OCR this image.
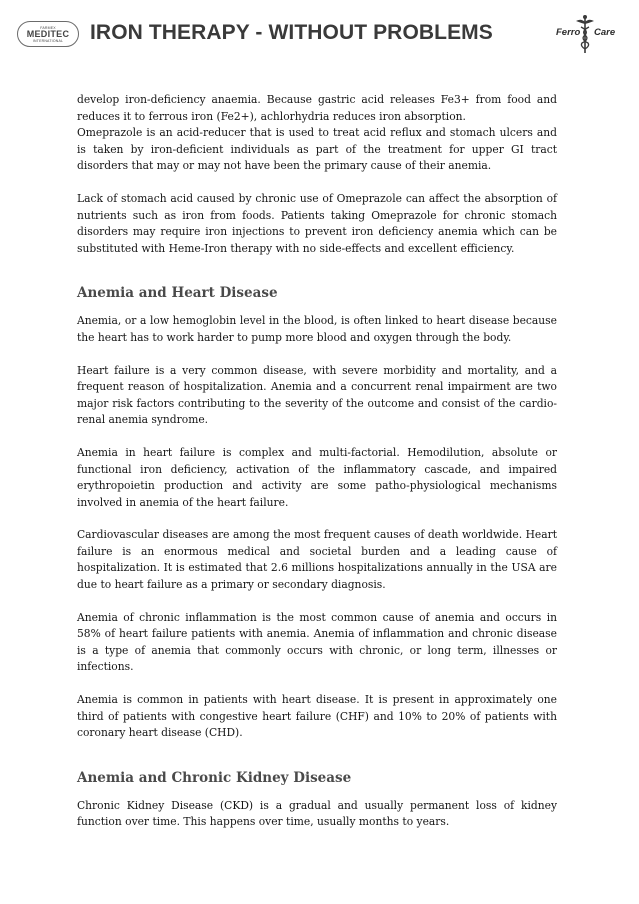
FARMEX
MEDITEC
INTERNATIONAL IRON THERAPY - WITHOUT PROBLEMS	Ferro Care

develop iron-deficiency anaemia. Because gastric acid releases Fe3+ from food and reduces it to ferrous iron (Fe2+), achlorhydria reduces iron absorption.

Omeprazole is an acid-reducer that is used to treat acid reflux and stomach ulcers and is taken by iron-deficient individuals as part of the treatment for upper GI tract disorders that may or may not have been the primary cause of their anemia.

Lack of stomach acid caused by chronic use of Omeprazole can affect the absorption of nutrients such as iron from foods. Patients taking Omeprazole for chronic stomach disorders may require iron injections to prevent iron deficiency anemia which can be substituted with Heme-Iron therapy with no side-effects and excellent efficiency.

Anemia and Heart Disease

Anemia, or a low hemoglobin level in the blood, is often linked to heart disease because the heart has to work harder to pump more blood and oxygen through the body.

Heart failure is a very common disease, with severe morbidity and mortality, and a frequent reason of hospitalization. Anemia and a concurrent renal impairment are two major risk factors contributing to the severity of the outcome and consist of the cardio-renal anemia syndrome.

Anemia in heart failure is complex and multi-factorial. Hemodilution, absolute or functional iron deficiency, activation of the inflammatory cascade, and impaired erythropoietin production and activity are some patho-physiological mechanisms involved in anemia of the heart failure.

Cardiovascular diseases are among the most frequent causes of death worldwide. Heart failure is an enormous medical and societal burden and a leading cause of hospitalization. It is estimated that 2.6 millions hospitalizations annually in the USA are due to heart failure as a primary or secondary diagnosis.

Anemia of chronic inflammation is the most common cause of anemia and occurs in 58% of heart failure patients with anemia. Anemia of inflammation and chronic disease is a type of anemia that commonly occurs with chronic, or long term, illnesses or infections.

Anemia is common in patients with heart disease. It is present in approximately one third of patients with congestive heart failure (CHF) and 10% to 20% of patients with coronary heart disease (CHD).

Anemia and Chronic Kidney Disease

Chronic Kidney Disease (CKD) is a gradual and usually permanent loss of kidney function over time. This happens over time, usually months to years.
